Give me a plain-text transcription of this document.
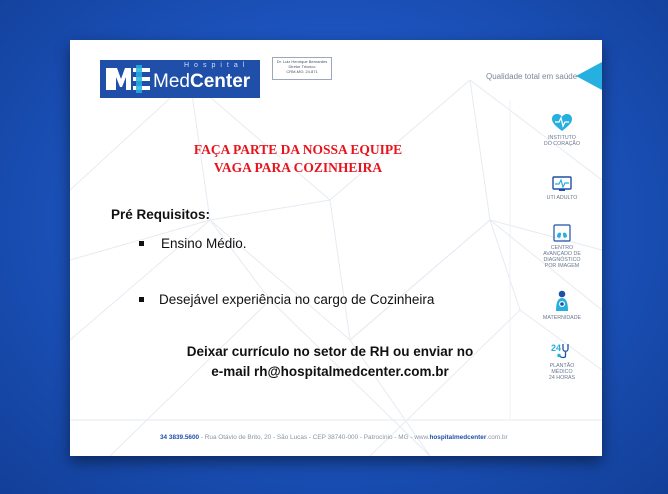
Hospital
MedCenter
Dr. Luiz Henrique Bernardes
Diretor Técnico
CRM-MG: 24.871
Qualidade total em saúde
FAÇA PARTE DA NOSSA EQUIPE
VAGA PARA COZINHEIRA
Pré Requisitos:
Ensino Médio.
Desejável experiência no cargo de Cozinheira
Deixar currículo no setor de RH ou enviar no
e-mail rh@hospitalmedcenter.com.br
34 3839.5600 - Rua Otávio de Brito, 20 - São Lucas - CEP 38740-000 - Patrocínio - MG - www.hospitalmedcenter.com.br
INSTITUTO
DO CORAÇÃO
UTI ADULTO
CENTRO
AVANÇADO DE
DIAGNÓSTICO
POR IMAGEM
MATERNIDADE
24
PLANTÃO
MÉDICO
24 HORAS
